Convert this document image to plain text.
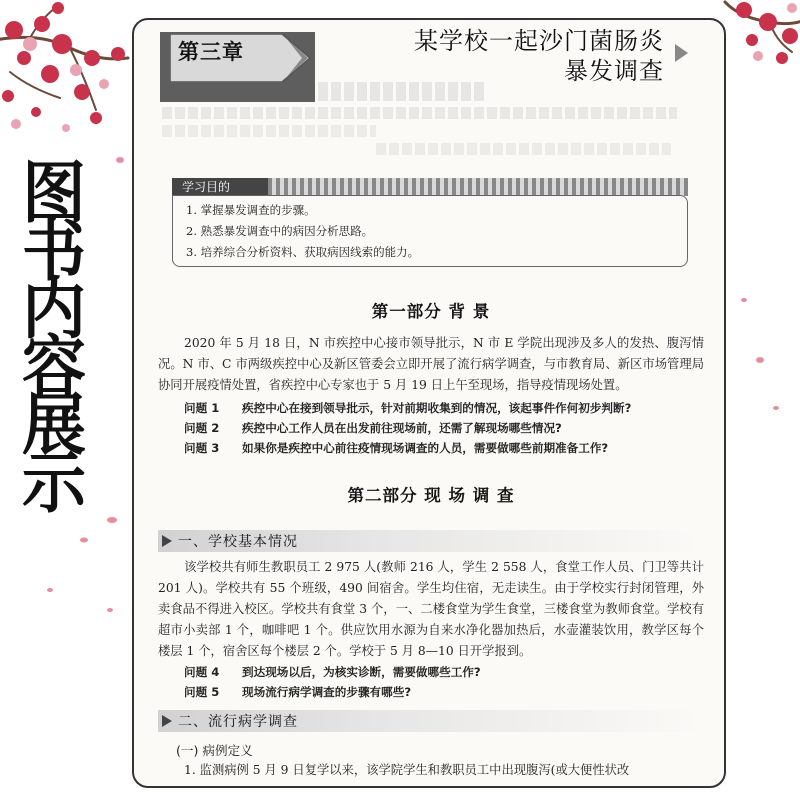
图
书
内
容
展
示
第三章	某学校一起沙门菌肠炎
暴发调查
学习目的
1. 掌握暴发调查的步骤。
2. 熟悉暴发调查中的病因分析思路。
3. 培养综合分析资料、获取病因线索的能力。
第一部分 背 景
2020 年 5 月 18 日，N 市疾控中心接市领导批示，N 市 E 学院出现涉及多人的发热、腹泻情况。N 市、C 市两级疾控中心及新区管委会立即开展了流行病学调查，与市教育局、新区市场管理局协同开展疫情处置，省疾控中心专家也于 5 月 19 日上午至现场，指导疫情现场处置。
问题 1 疾控中心在接到领导批示，针对前期收集到的情况，该起事件作何初步判断?
问题 2 疾控中心工作人员在出发前往现场前，还需了解现场哪些情况?
问题 3 如果你是疾控中心前往疫情现场调查的人员，需要做哪些前期准备工作?
第二部分 现 场 调 查
一、学校基本情况
该学校共有师生教职员工 2 975 人(教师 216 人，学生 2 558 人，食堂工作人员、门卫等共计 201 人)。学校共有 55 个班级，490 间宿舍。学生均住宿，无走读生。由于学校实行封闭管理，外卖食品不得进入校区。学校共有食堂 3 个，一、二楼食堂为学生食堂，三楼食堂为教师食堂。学校有超市小卖部 1 个，咖啡吧 1 个。供应饮用水源为自来水净化器加热后，水壶灌装饮用，教学区每个楼层 1 个，宿舍区每个楼层 2 个。学校于 5 月 8—10 日开学报到。
问题 4 到达现场以后，为核实诊断，需要做哪些工作?
问题 5 现场流行病学调查的步骤有哪些?
二、流行病学调查
(一) 病例定义
1. 监测病例 5 月 9 日复学以来，该学院学生和教职员工中出现腹泻(或大便性状改
